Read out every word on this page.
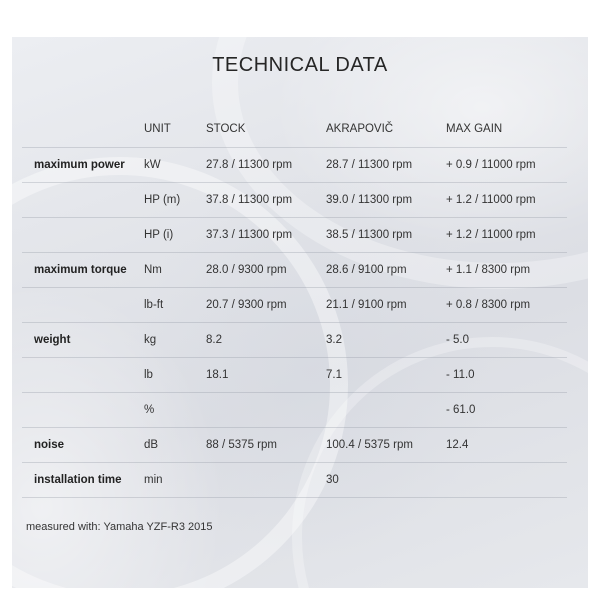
TECHNICAL DATA
	UNIT	STOCK	AKRAPOVIČ	MAX GAIN
maximum power	kW	27.8 / 11300 rpm	28.7 / 11300 rpm	+ 0.9 / 11000 rpm
	HP (m)	37.8 / 11300 rpm	39.0 / 11300 rpm	+ 1.2 / 11000 rpm
	HP (i)	37.3 / 11300 rpm	38.5 / 11300 rpm	+ 1.2 / 11000 rpm
maximum torque	Nm	28.0 / 9300 rpm	28.6 / 9100 rpm	+ 1.1 / 8300 rpm
	lb-ft	20.7 / 9300 rpm	21.1 / 9100 rpm	+ 0.8 / 8300 rpm
weight	kg	8.2	3.2	- 5.0
	lb	18.1	7.1	- 11.0
	%			- 61.0
noise	dB	88 / 5375 rpm	100.4 / 5375 rpm	12.4
installation time	min		30	
measured with: Yamaha YZF-R3 2015
